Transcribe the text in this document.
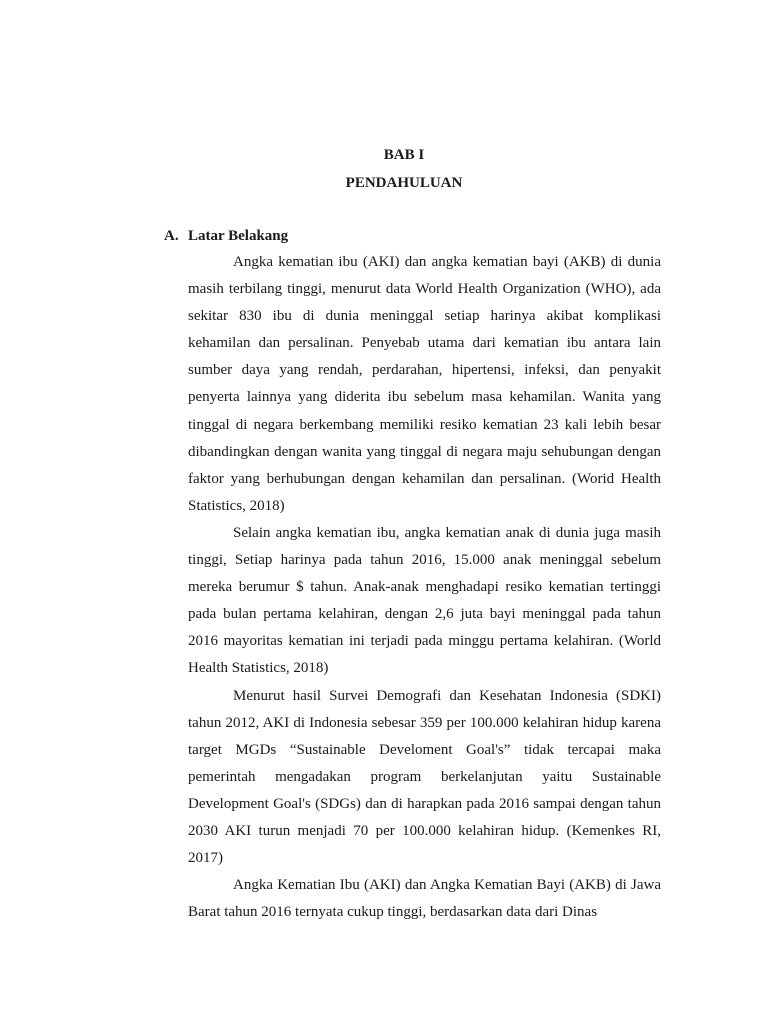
BAB I
PENDAHULUAN
A. Latar Belakang

Angka kematian ibu (AKI) dan angka kematian bayi (AKB) di dunia masih terbilang tinggi, menurut data World Health Organization (WHO), ada sekitar 830 ibu di dunia meninggal setiap harinya akibat komplikasi kehamilan dan persalinan. Penyebab utama dari kematian ibu antara lain sumber daya yang rendah, perdarahan, hipertensi, infeksi, dan penyakit penyerta lainnya yang diderita ibu sebelum masa kehamilan. Wanita yang tinggal di negara berkembang memiliki resiko kematian 23 kali lebih besar dibandingkan dengan wanita yang tinggal di negara maju sehubungan dengan faktor yang berhubungan dengan kehamilan dan persalinan. (Worid Health Statistics, 2018)

Selain angka kematian ibu, angka kematian anak di dunia juga masih tinggi, Setiap harinya pada tahun 2016, 15.000 anak meninggal sebelum mereka berumur $ tahun. Anak-anak menghadapi resiko kematian tertinggi pada bulan pertama kelahiran, dengan 2,6 juta bayi meninggal pada tahun 2016 mayoritas kematian ini terjadi pada minggu pertama kelahiran. (World Health Statistics, 2018)

Menurut hasil Survei Demografi dan Kesehatan Indonesia (SDKI) tahun 2012, AKI di Indonesia sebesar 359 per 100.000 kelahiran hidup karena target MGDs “Sustainable Develoment Goal's” tidak tercapai maka pemerintah mengadakan program berkelanjutan yaitu Sustainable Development Goal's (SDGs) dan di harapkan pada 2016 sampai dengan tahun 2030 AKI turun menjadi 70 per 100.000 kelahiran hidup. (Kemenkes RI, 2017)

Angka Kematian Ibu (AKI) dan Angka Kematian Bayi (AKB) di Jawa Barat tahun 2016 ternyata cukup tinggi, berdasarkan data dari Dinas
